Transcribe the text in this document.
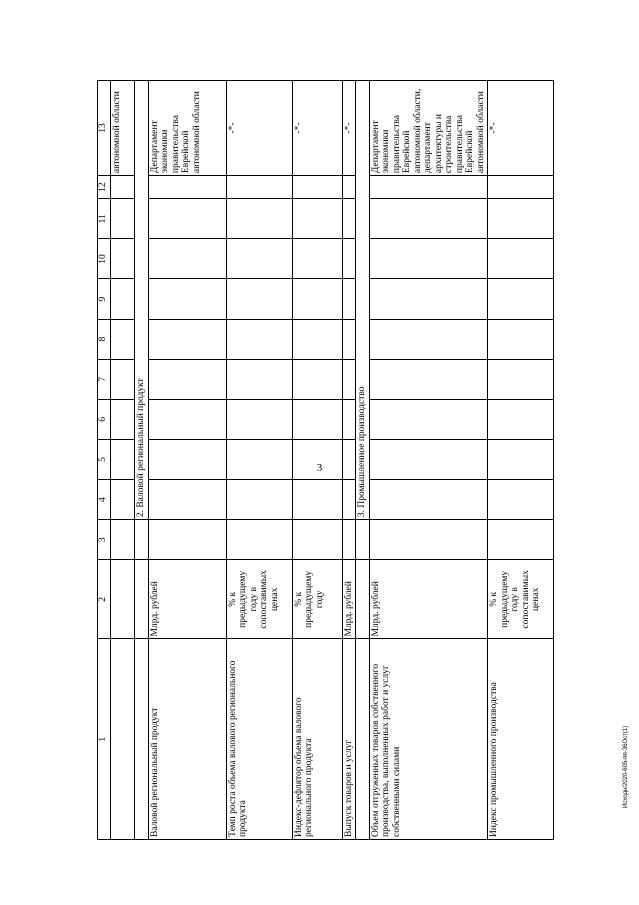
3
1	2	3	4	5	6	7	8	9	10	11	12	13
												автономной области
			2. Валовой региональный продукт									
Валовой региональный продукт	Млрд. рублей											Департамент экономики правительства Еврейской автономной области
Темп роста объема валового регионального продукта	% к предыдущему году в сопоставимых ценах											-*-
Индекс-дефлятор объема валового регионального продукта	% к предыдущему году											-*-
Выпуск товаров и услуг	Млрд. рублей											-*-
			3. Промышленное производство									
Объем отгруженных товаров собственного производства, выполненных работ и услуг собственными силами	Млрд. рублей											Департамент экономики правительства Еврейской автономной области, департамент архитектуры и строительства правительства Еврейской автономной области
Индекс промышленного производства	% к предыдущему году в сопоставимых ценах											-*-
Исходн/2020-605-пп-36Ост(1)
